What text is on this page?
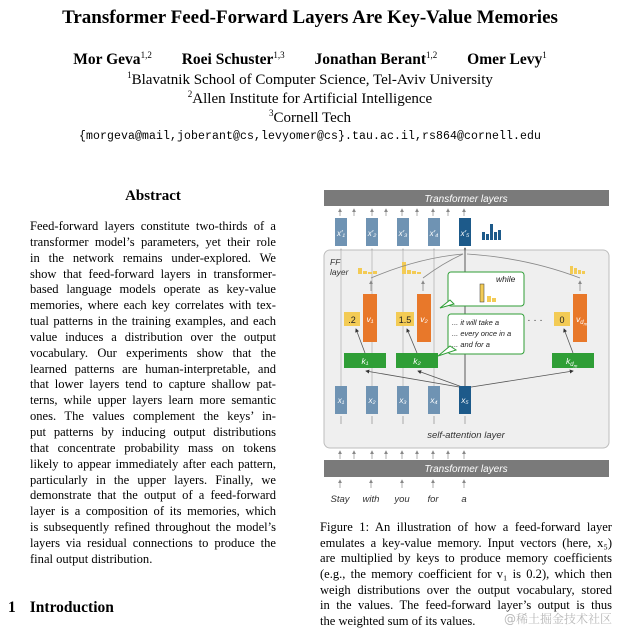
Transformer Feed-Forward Layers Are Key-Value Memories
Mor Geva$^{1,2}$ Roei Schuster$^{1,3}$ Jonathan Berant$^{1,2}$ Omer Levy$^1$
$^1$Blavatnik School of Computer Science, Tel-Aviv University
$^2$Allen Institute for Artificial Intelligence
$^3$Cornell Tech
{morgeva@mail,joberant@cs,levyomer@cs}.tau.ac.il,rs864@cornell.edu
Abstract
Feed-forward layers constitute two-thirds of a
transformer model’s parameters, yet their role
in the network remains under-explored. We
show that feed-forward layers in transformer-
based language models operate as key-value
memories, where each key correlates with tex-
tual patterns in the training examples, and each
value induces a distribution over the output
vocabulary. Our experiments show that the
learned patterns are human-interpretable, and
that lower layers tend to capture shallow pat-
terns, while upper layers learn more semantic
ones. The values complement the keys’ in-
put patterns by inducing output distributions
that concentrate probability mass on tokens
likely to appear immediately after each pattern,
particularly in the upper layers. Finally, we
demonstrate that the output of a feed-forward
layer is a composition of its memories, which
is subsequently refined throughout the model’s
layers via residual connections to produce the
final output distribution.
1 Introduction
Transformer layers
x′₁	x′₂	x′₃	x′₄	x′₅
FF
layer
.2	1.5	0
v₁	v₂	$v_dm$
· · ·
while
... it will take a
... every once in a
... and for a
k₁	k₂	$k_dm$
x₁	x₂	x₃	x₄	x₅
self-attention layer
Transformer layers
Stay with you for a
Figure 1: An illustration of how a feed-forward layer
emulates a key-value memory. Input vectors (here, x₅)
are multiplied by keys to produce memory coefficients
(e.g., the memory coefficient for v₁ is 0.2), which then
weigh distributions over the output vocabulary, stored
in the values. The feed-forward layer’s output is thus
the weighted sum of its values.	@稀土掘金技术社区
